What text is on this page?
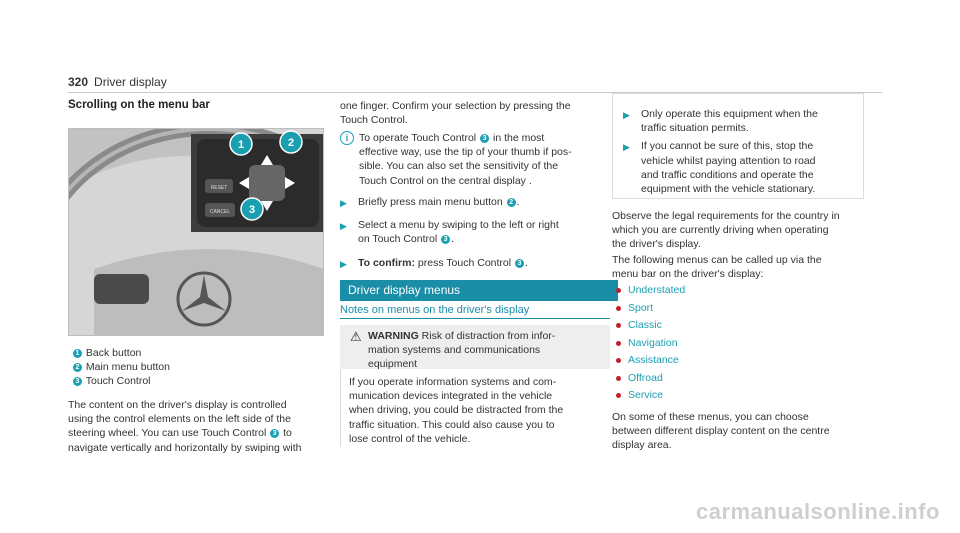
320 Driver display
Scrolling on the menu bar
RESET
CANCEL
1	2
3
1 Back button
2 Main menu button
3 Touch Control
The content on the driver's display is controlled
using the control elements on the left side of the
steering wheel. You can use Touch Control 3 to
navigate vertically and horizontally by swiping with
one finger. Confirm your selection by pressing the
Touch Control.
i	To operate Touch Control 3 in the most
effective way, use the tip of your thumb if pos-
sible. You can also set the sensitivity of the
Touch Control on the central display .
▶ Briefly press main menu button 2 .
▶ Select a menu by swiping to the left or right
on Touch Control 3 .
▶ To confirm: press Touch Control 3 .
Driver display menus
Notes on menus on the driver's display
⚠ WARNING Risk of distraction from infor-
mation systems and communications
equipment
If you operate information systems and com-
munication devices integrated in the vehicle
when driving, you could be distracted from the
traffic situation. This could also cause you to
lose control of the vehicle.
▶ Only operate this equipment when the
traffic situation permits.
▶ If you cannot be sure of this, stop the
vehicle whilst paying attention to road
and traffic conditions and operate the
equipment with the vehicle stationary.
Observe the legal requirements for the country in
which you are currently driving when operating
the driver's display.
The following menus can be called up via the
menu bar on the driver's display:
Understated
Sport
Classic
Navigation
Assistance
Offroad
Service
On some of these menus, you can choose
between different display content on the centre
display area.
carmanualsonline.info
